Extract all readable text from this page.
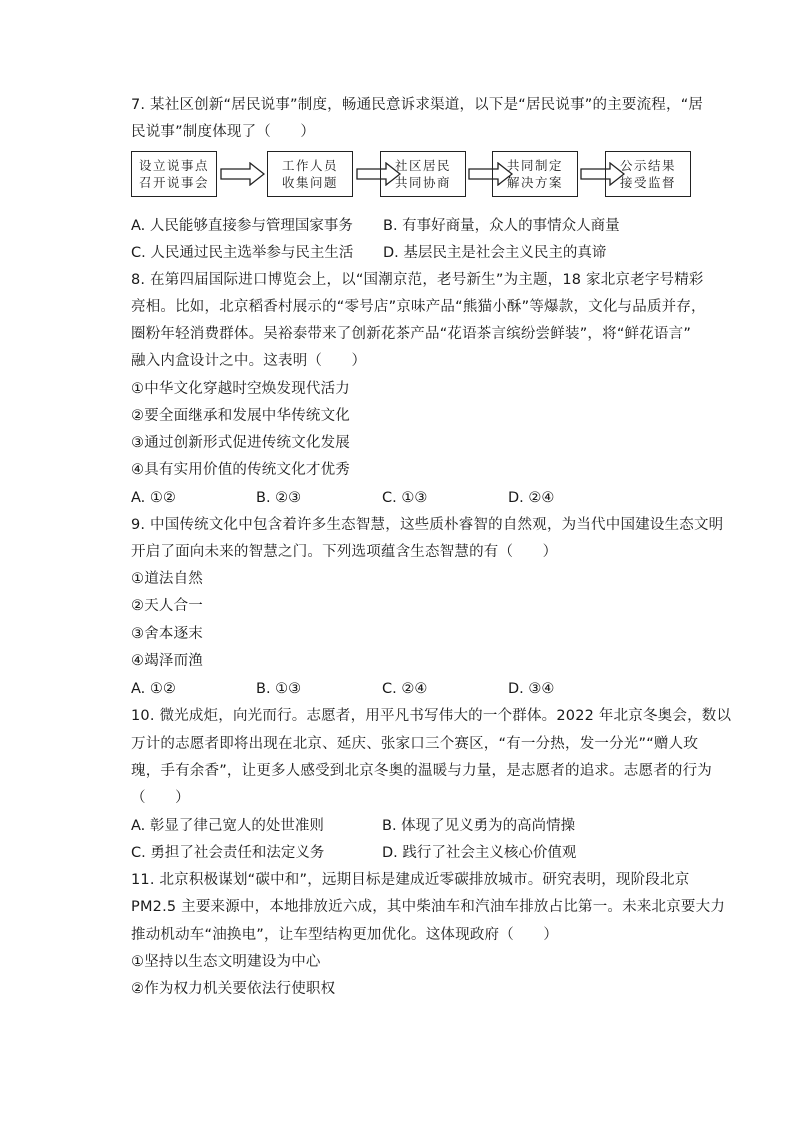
7. 某社区创新“居民说事”制度，畅通民意诉求渠道，以下是“居民说事”的主要流程，“居
民说事”制度体现了（　　）
设立说事点
召开说事会
工作人员
收集问题
社区居民
共同协商
共同制定
解决方案
公示结果
接受监督
A. 人民能够直接参与管理国家事务 B. 有事好商量，众人的事情众人商量
C. 人民通过民主选举参与民主生活 D. 基层民主是社会主义民主的真谛
8. 在第四届国际进口博览会上，以“国潮京范，老号新生”为主题，18 家北京老字号精彩
亮相。比如，北京稻香村展示的“零号店”京味产品“熊猫小酥”等爆款，文化与品质并存，
圈粉年轻消费群体。吴裕泰带来了创新花茶产品“花语茶言缤纷尝鲜装”，将“鲜花语言”
融入内盒设计之中。这表明（　　）
①中华文化穿越时空焕发现代活力
②要全面继承和发展中华传统文化
③通过创新形式促进传统文化发展
④具有实用价值的传统文化才优秀
A. ①②	B. ②③	C. ①③	D. ②④
9. 中国传统文化中包含着许多生态智慧，这些质朴睿智的自然观，为当代中国建设生态文明
开启了面向未来的智慧之门。下列选项蕴含生态智慧的有（　　）
①道法自然
②天人合一
③舍本逐末
④竭泽而渔
A. ①②	B. ①③	C. ②④	D. ③④
10. 微光成炬，向光而行。志愿者，用平凡书写伟大的一个群体。2022 年北京冬奥会，数以
万计的志愿者即将出现在北京、延庆、张家口三个赛区，“有一分热，发一分光”“赠人玫
瑰，手有余香”，让更多人感受到北京冬奥的温暖与力量，是志愿者的追求。志愿者的行为
（　　）
A. 彰显了律己宽人的处世准则	B. 体现了见义勇为的高尚情操
C. 勇担了社会责任和法定义务	D. 践行了社会主义核心价值观
11. 北京积极谋划“碳中和”，远期目标是建成近零碳排放城市。研究表明，现阶段北京
PM2.5 主要来源中，本地排放近六成，其中柴油车和汽油车排放占比第一。未来北京要大力
推动机动车“油换电”，让车型结构更加优化。这体现政府（　　）
①坚持以生态文明建设为中心
②作为权力机关要依法行使职权
